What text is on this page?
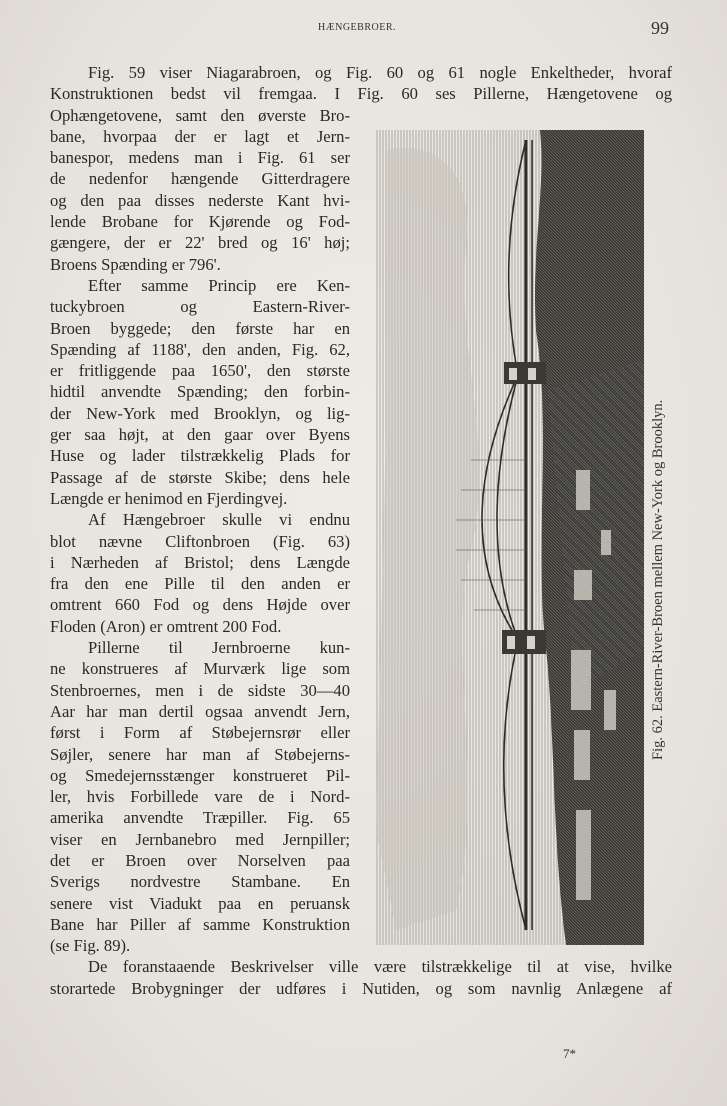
HÆNGEBROER.	99
Fig. 59 viser Niagarabroen, og Fig. 60 og 61 nogle Enkeltheder, hvoraf
Konstruktionen bedst vil fremgaa. I Fig. 60 ses Pillerne, Hængetovene og
Ophængetovene, samt den øverste Bro-
bane, hvorpaa der er lagt et Jern-
banespor, medens man i Fig. 61 ser
de nedenfor hængende Gitterdragere
og den paa disses nederste Kant hvi-
lende Brobane for Kjørende og Fod-
gængere, der er 22' bred og 16' høj;
Broens Spænding er 796'.
Efter samme Princip ere Ken-
tuckybroen og Eastern-River-
Broen byggede; den første har en
Spænding af 1188', den anden, Fig. 62,
er fritliggende paa 1650', den største
hidtil anvendte Spænding; den forbin-
der New-York med Brooklyn, og lig-
ger saa højt, at den gaar over Byens
Huse og lader tilstrækkelig Plads for
Passage af de største Skibe; dens hele
Længde er henimod en Fjerdingvej.
Af Hængebroer skulle vi endnu
blot nævne Cliftonbroen (Fig. 63)
i Nærheden af Bristol; dens Længde
fra den ene Pille til den anden er
omtrent 660 Fod og dens Højde over
Floden (Aron) er omtrent 200 Fod.
Pillerne til Jernbroerne kun-
ne konstrueres af Murværk lige som
Stenbroernes, men i de sidste 30—40
Aar har man dertil ogsaa anvendt Jern,
først i Form af Støbejernsrør eller
Søjler, senere har man af Støbejerns-
og Smedejernsstænger konstrueret Pil-
ler, hvis Forbillede vare de i Nord-
amerika anvendte Træpiller. Fig. 65
viser en Jernbanebro med Jernpiller;
det er Broen over Norselven paa
Sverigs nordvestre Stambane. En
senere vist Viadukt paa en peruansk
Bane har Piller af samme Konstruktion
(se Fig. 89).
De foranstaaende Beskrivelser ville være tilstrækkelige til at vise, hvilke
storartede Brobygninger der udføres i Nutiden, og som navnlig Anlægene af
Fig. 62. Eastern-River-Broen mellem New-York og Brooklyn.
7*
